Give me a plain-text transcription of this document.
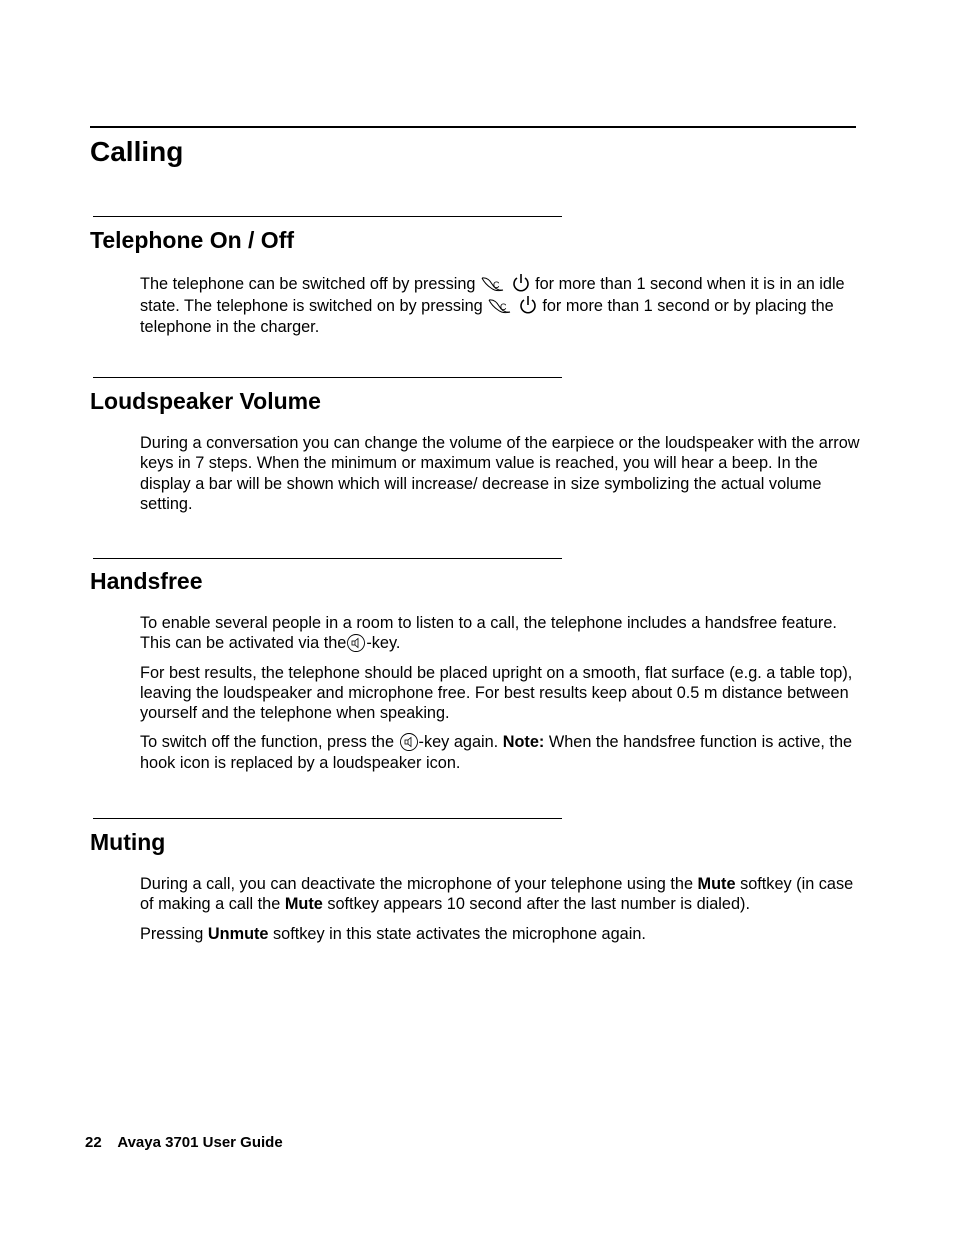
Calling
Telephone On / Off

The telephone can be switched off by pressing C for more than 1 second when it is in an idle state. The telephone is switched on by pressing C for more than 1 second or by placing the telephone in the charger.

Loudspeaker Volume

During a conversation you can change the volume of the earpiece or the loudspeaker with the arrow keys in 7 steps. When the minimum or maximum value is reached, you will hear a beep. In the display a bar will be shown which will increase/ decrease in size symbolizing the actual volume setting.

Handsfree

To enable several people in a room to listen to a call, the telephone includes a handsfree feature. This can be activated via the -key.

For best results, the telephone should be placed upright on a smooth, flat surface (e.g. a table top), leaving the loudspeaker and microphone free. For best results keep about 0.5 m distance between yourself and the telephone when speaking.

To switch off the function, press the -key again. Note: When the handsfree function is active, the hook icon is replaced by a loudspeaker icon.

Muting

During a call, you can deactivate the microphone of your telephone using the Mute softkey (in case of making a call the Mute softkey appears 10 second after the last number is dialed).

Pressing Unmute softkey in this state activates the microphone again.

22 Avaya 3701 User Guide
